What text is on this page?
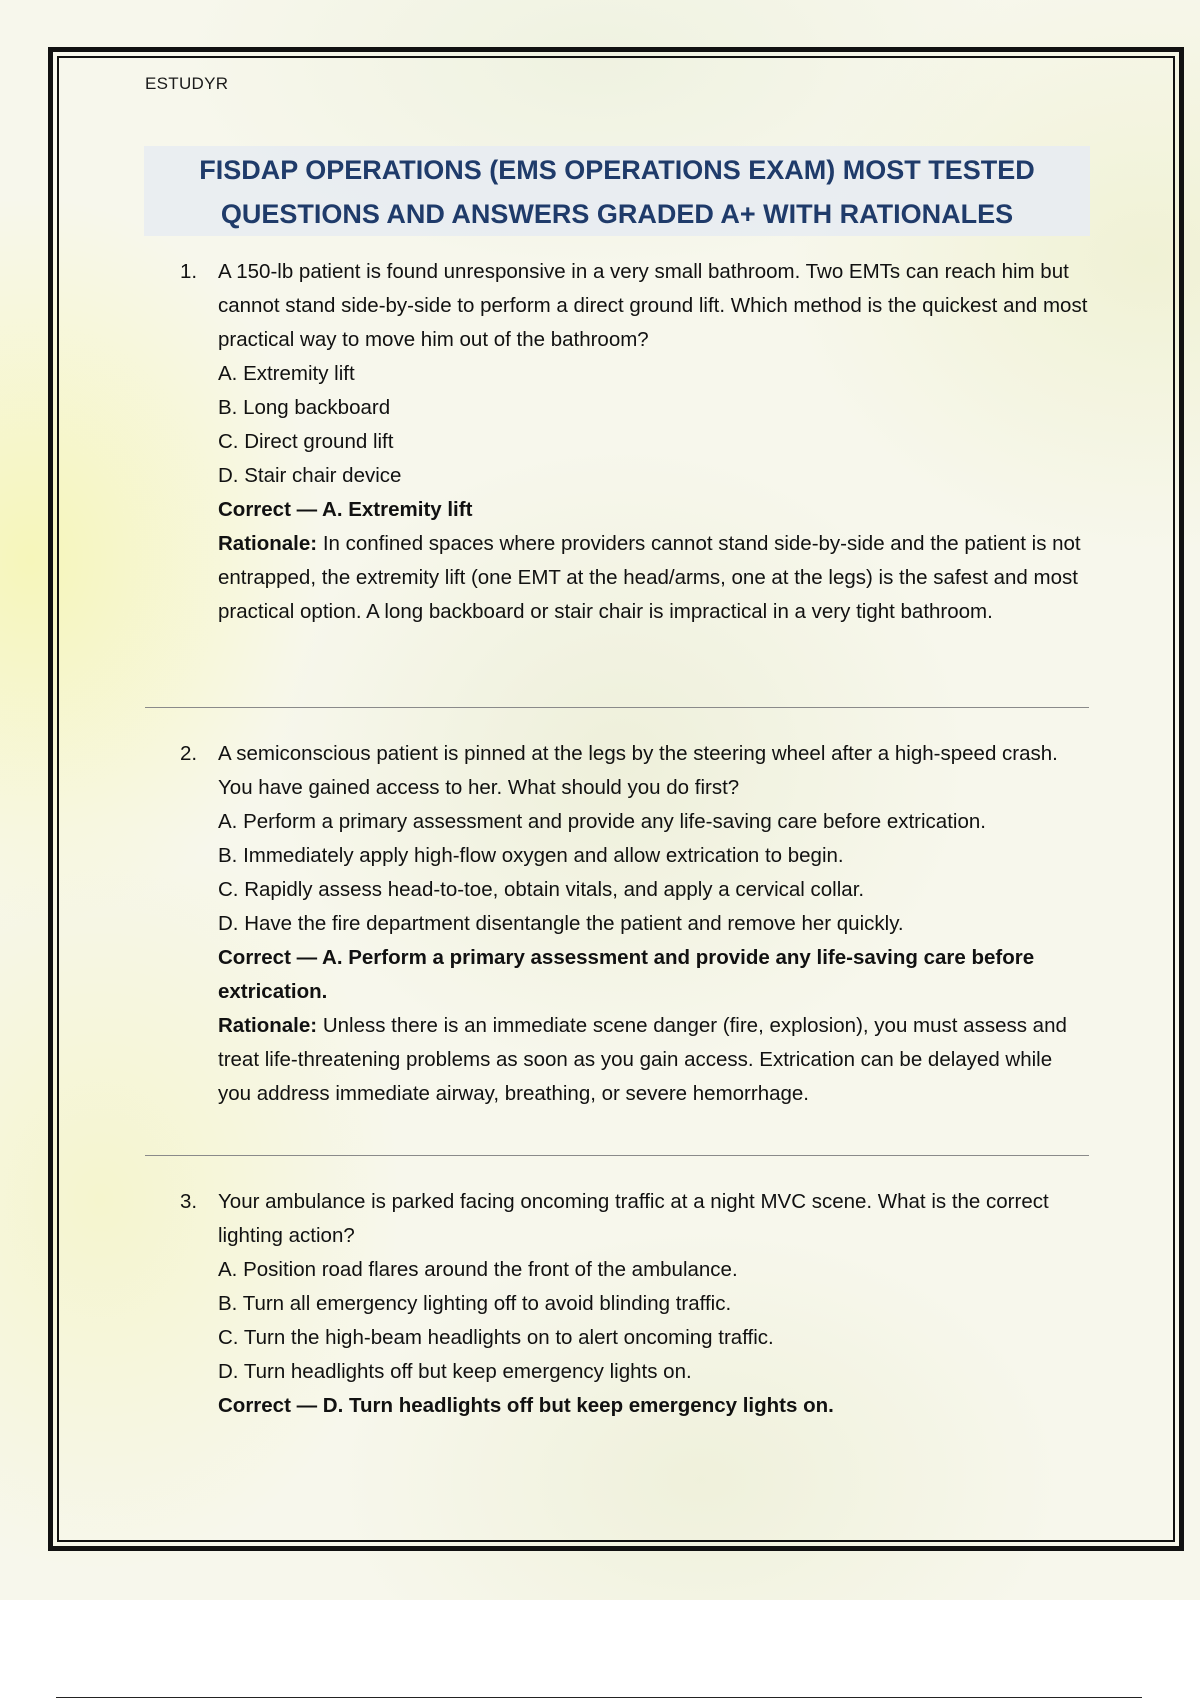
ESTUDYR
FISDAP OPERATIONS (EMS OPERATIONS EXAM) MOST TESTED
QUESTIONS AND ANSWERS GRADED A+ WITH RATIONALES
1. A 150-lb patient is found unresponsive in a very small bathroom. Two EMTs can reach him but cannot stand side-by-side to perform a direct ground lift. Which method is the quickest and most practical way to move him out of the bathroom?
A. Extremity lift
B. Long backboard
C. Direct ground lift
D. Stair chair device
Correct — A. Extremity lift
Rationale: In confined spaces where providers cannot stand side-by-side and the patient is not entrapped, the extremity lift (one EMT at the head/arms, one at the legs) is the safest and most practical option. A long backboard or stair chair is impractical in a very tight bathroom.
2. A semiconscious patient is pinned at the legs by the steering wheel after a high-speed crash. You have gained access to her. What should you do first?
A. Perform a primary assessment and provide any life-saving care before extrication.
B. Immediately apply high-flow oxygen and allow extrication to begin.
C. Rapidly assess head-to-toe, obtain vitals, and apply a cervical collar.
D. Have the fire department disentangle the patient and remove her quickly.
Correct — A. Perform a primary assessment and provide any life-saving care before extrication.
Rationale: Unless there is an immediate scene danger (fire, explosion), you must assess and treat life-threatening problems as soon as you gain access. Extrication can be delayed while you address immediate airway, breathing, or severe hemorrhage.
3. Your ambulance is parked facing oncoming traffic at a night MVC scene. What is the correct lighting action?
A. Position road flares around the front of the ambulance.
B. Turn all emergency lighting off to avoid blinding traffic.
C. Turn the high-beam headlights on to alert oncoming traffic.
D. Turn headlights off but keep emergency lights on.
Correct — D. Turn headlights off but keep emergency lights on.
